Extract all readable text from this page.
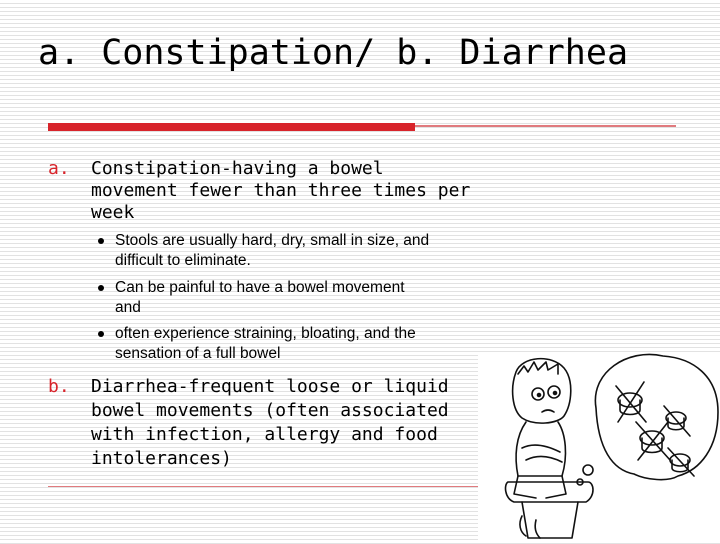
a. Constipation/ b. Diarrhea
a. Constipation-having a bowel
movement fewer than three times per
week
Stools are usually hard, dry, small in size, and
difficult to eliminate.
Can be painful to have a bowel movement
and
often experience straining, bloating, and the
sensation of a full bowel
b. Diarrhea-frequent loose or liquid
bowel movements (often associated
with infection, allergy and food
intolerances)
